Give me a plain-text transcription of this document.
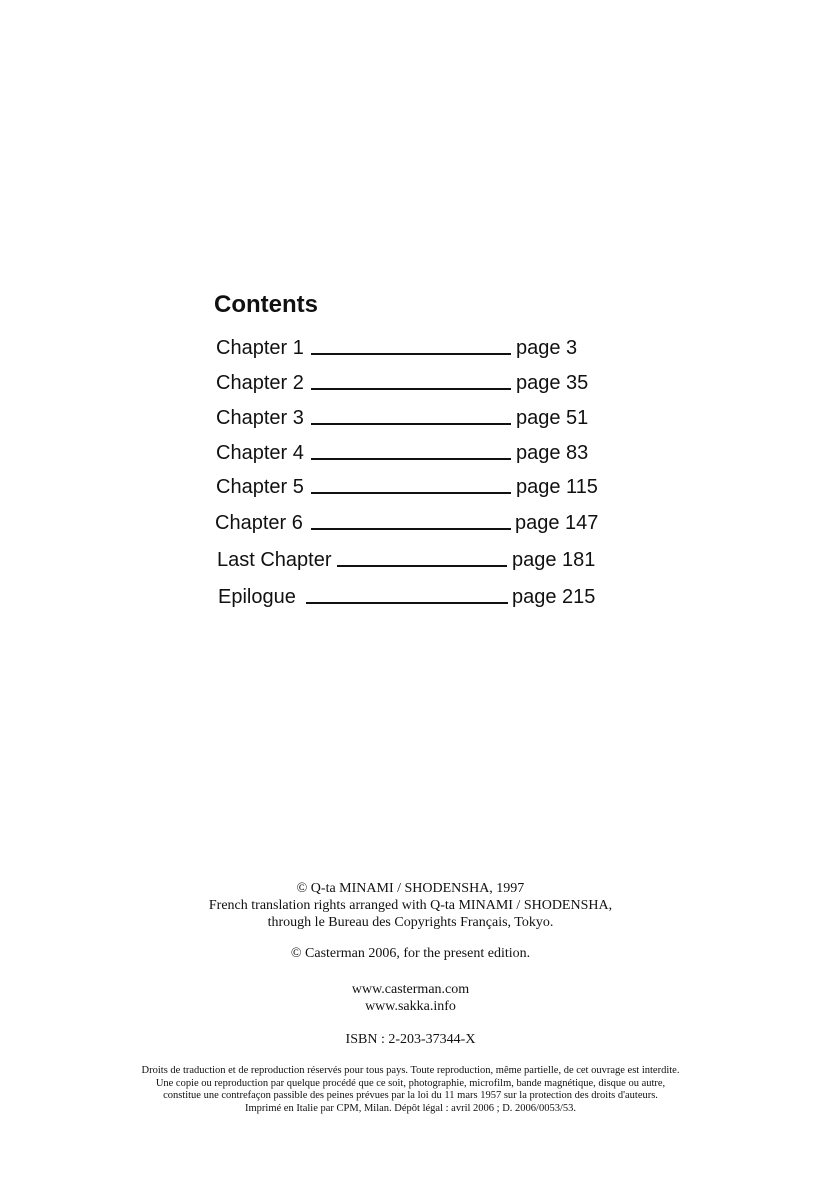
Contents
Chapter 1	page 3
Chapter 2	page 35
Chapter 3	page 51
Chapter 4	page 83
Chapter 5	page 115
Chapter 6	page 147
Last Chapter	page 181
Epilogue	page 215

© Q-ta MINAMI / SHODENSHA, 1997

French translation rights arranged with Q-ta MINAMI / SHODENSHA,

through le Bureau des Copyrights Français, Tokyo.

© Casterman 2006, for the present edition.

www.casterman.com

www.sakka.info

ISBN : 2-203-37344-X

Droits de traduction et de reproduction réservés pour tous pays. Toute reproduction, même partielle, de cet ouvrage est interdite.

Une copie ou reproduction par quelque procédé que ce soit, photographie, microfilm, bande magnétique, disque ou autre,

constitue une contrefaçon passible des peines prévues par la loi du 11 mars 1957 sur la protection des droits d'auteurs.

Imprimé en Italie par CPM, Milan. Dépôt légal : avril 2006 ; D. 2006/0053/53.
